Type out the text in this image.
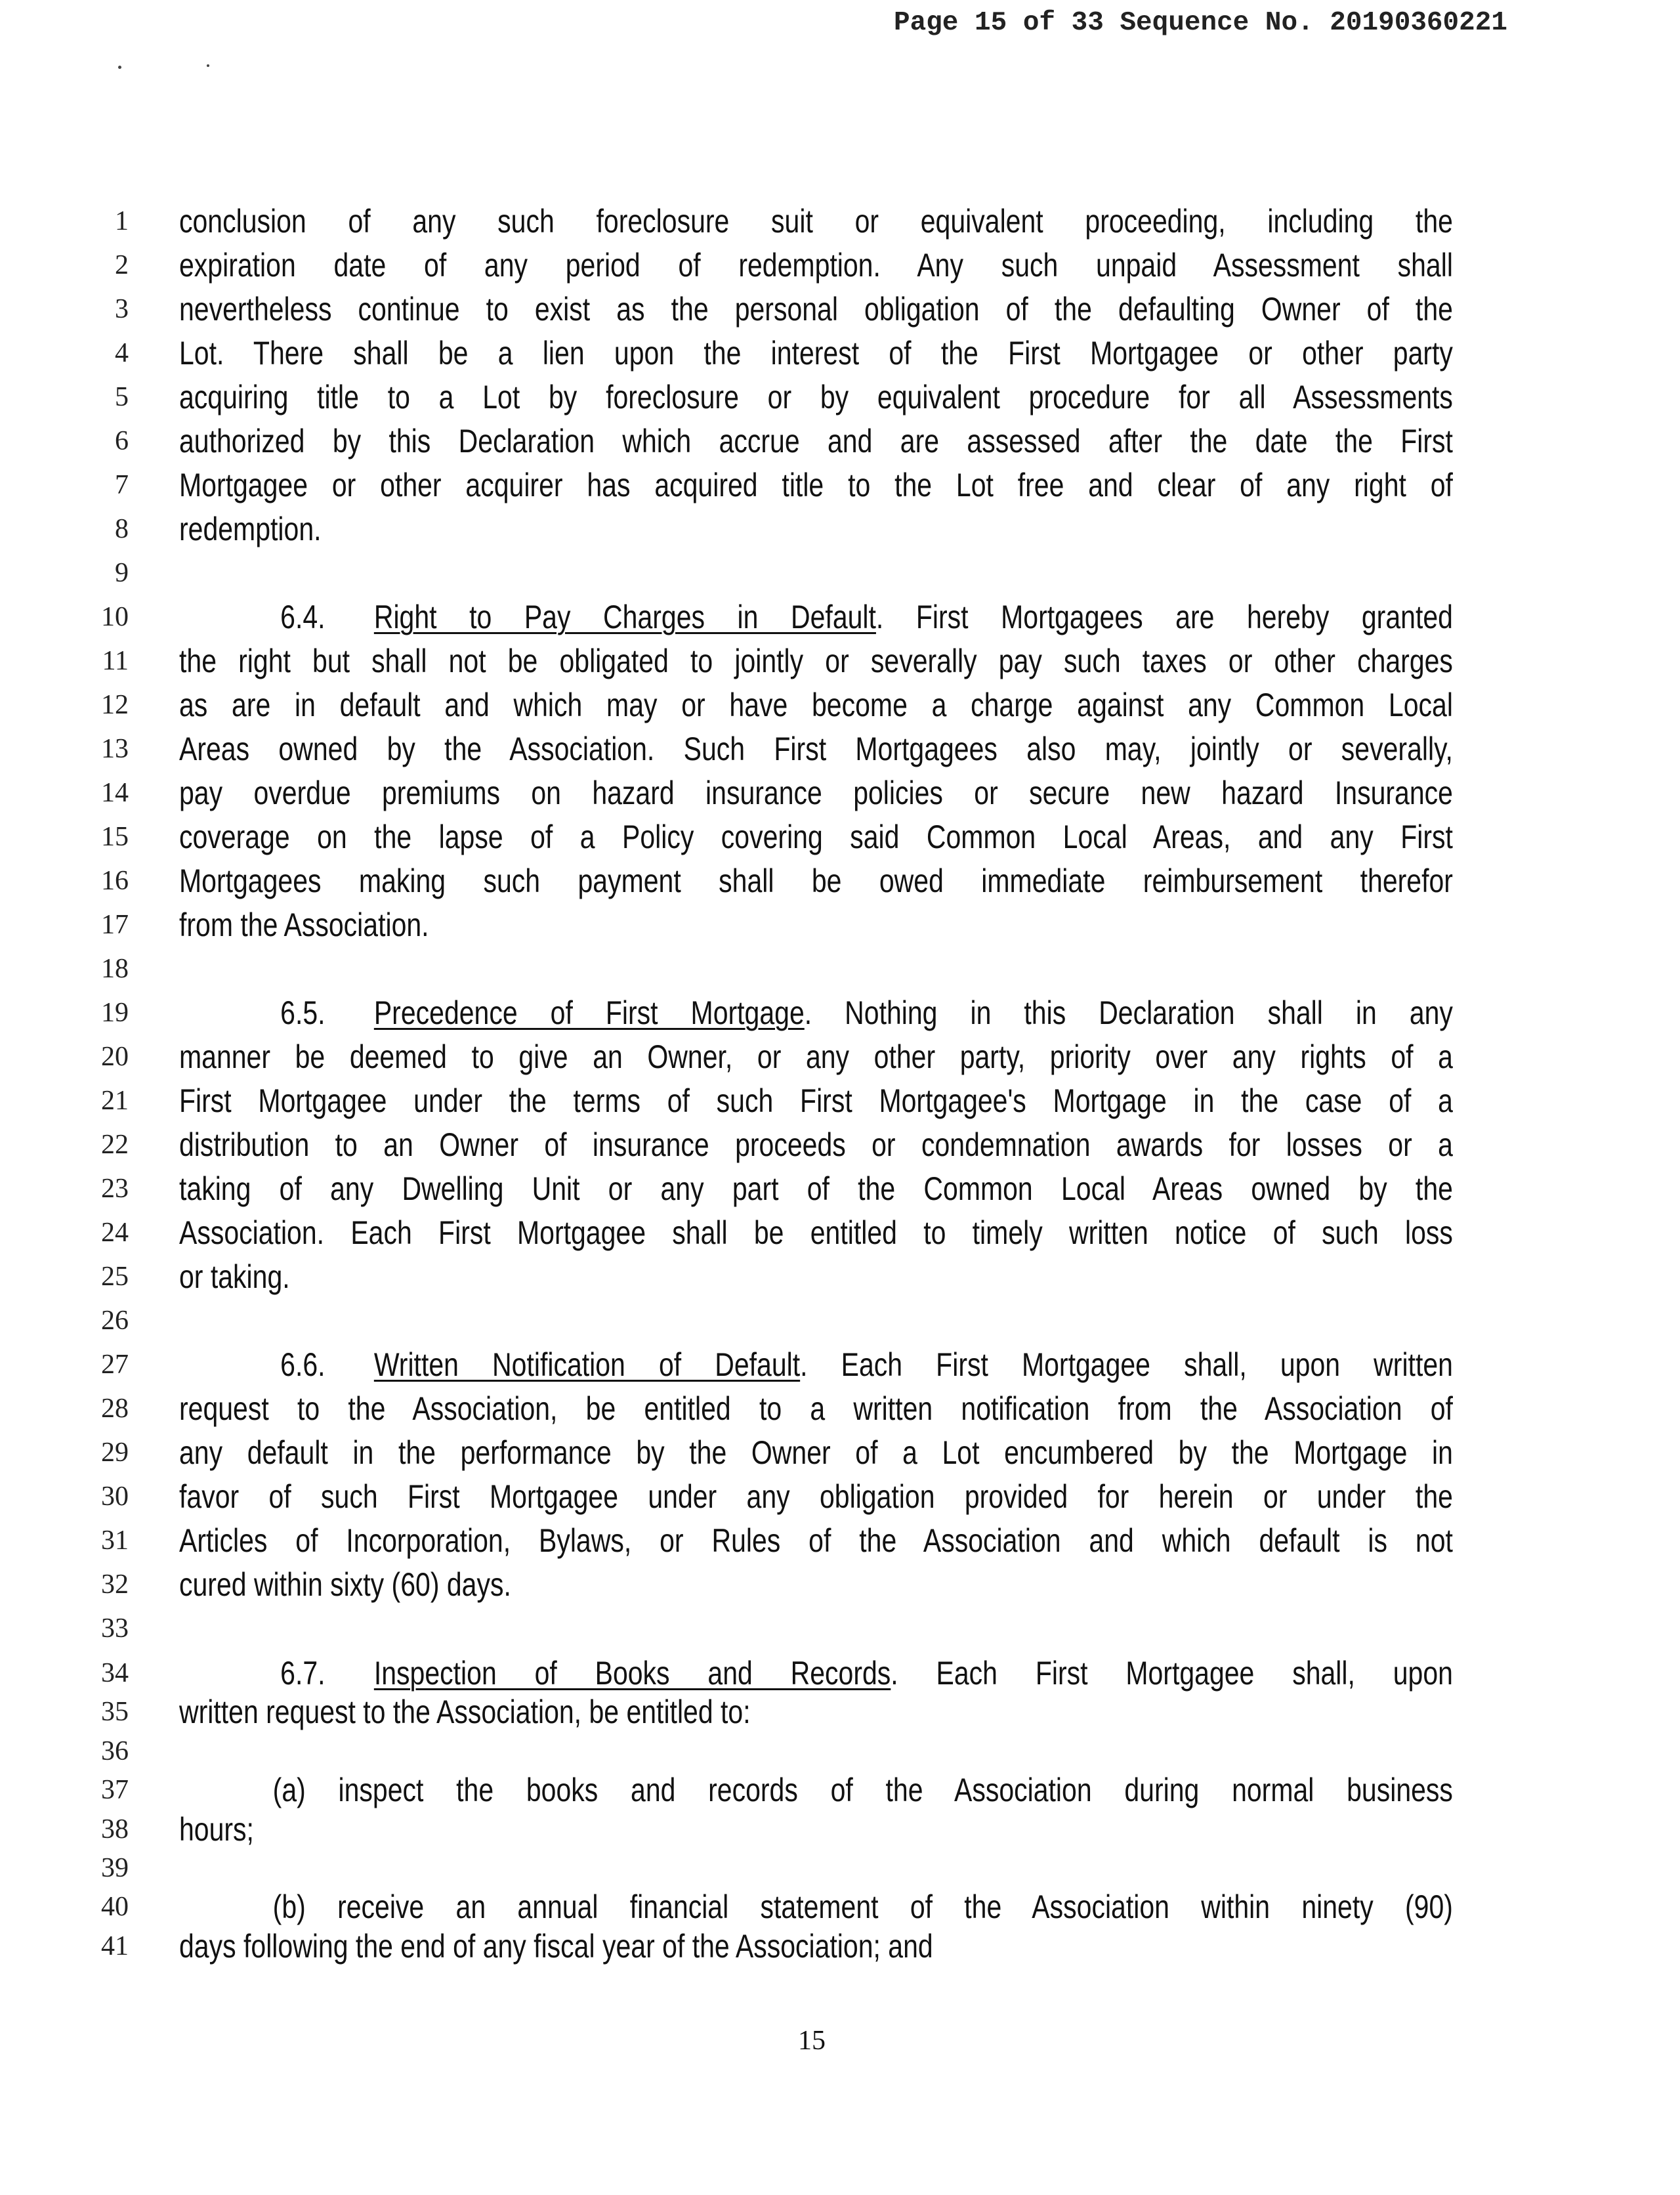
Page 15 of 33 Sequence No. 20190360221
1 conclusion of any such foreclosure suit or equivalent proceeding, including the
2 expiration date of any period of redemption. Any such unpaid Assessment shall
3 nevertheless continue to exist as the personal obligation of the defaulting Owner of the
4 Lot. There shall be a lien upon the interest of the First Mortgagee or other party
5 acquiring title to a Lot by foreclosure or by equivalent procedure for all Assessments
6 authorized by this Declaration which accrue and are assessed after the date the First
7 Mortgagee or other acquirer has acquired title to the Lot free and clear of any right of
8 redemption.
9
10	6.4. Right to Pay Charges in Default. First Mortgagees are hereby granted
11 the right but shall not be obligated to jointly or severally pay such taxes or other charges
12 as are in default and which may or have become a charge against any Common Local
13 Areas owned by the Association. Such First Mortgagees also may, jointly or severally,
14 pay overdue premiums on hazard insurance policies or secure new hazard Insurance
15 coverage on the lapse of a Policy covering said Common Local Areas, and any First
16 Mortgagees making such payment shall be owed immediate reimbursement therefor
17 from the Association.
18
19	6.5. Precedence of First Mortgage. Nothing in this Declaration shall in any
20 manner be deemed to give an Owner, or any other party, priority over any rights of a
21 First Mortgagee under the terms of such First Mortgagee's Mortgage in the case of a
22 distribution to an Owner of insurance proceeds or condemnation awards for losses or a
23 taking of any Dwelling Unit or any part of the Common Local Areas owned by the
24 Association. Each First Mortgagee shall be entitled to timely written notice of such loss
25 or taking.
26
27	6.6. Written Notification of Default. Each First Mortgagee shall, upon written
28 request to the Association, be entitled to a written notification from the Association of
29 any default in the performance by the Owner of a Lot encumbered by the Mortgage in
30 favor of such First Mortgagee under any obligation provided for herein or under the
31 Articles of Incorporation, Bylaws, or Rules of the Association and which default is not
32 cured within sixty (60) days.
33
34	6.7. Inspection of Books and Records. Each First Mortgagee shall, upon
35 written request to the Association, be entitled to:
36
37	(a) inspect the books and records of the Association during normal business
38 hours;
39
40	(b) receive an annual financial statement of the Association within ninety (90)
41 days following the end of any fiscal year of the Association; and
15
